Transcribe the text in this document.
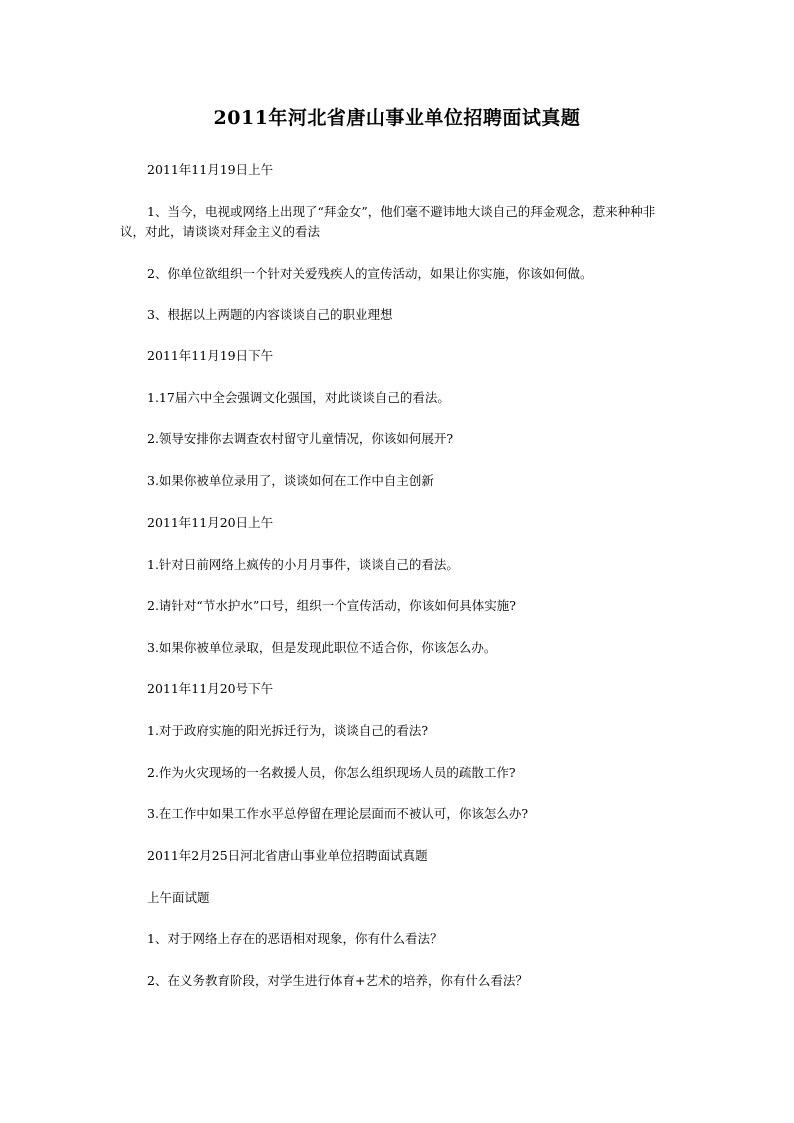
2011年河北省唐山事业单位招聘面试真题
2011年11月19日上午
1、当今，电视或网络上出现了“拜金女”，他们毫不避讳地大谈自己的拜金观念，惹来种种非议，对此，请谈谈对拜金主义的看法
2、你单位欲组织一个针对关爱残疾人的宣传活动，如果让你实施，你该如何做。
3、根据以上两题的内容谈谈自己的职业理想
2011年11月19日下午
1.17届六中全会强调文化强国，对此谈谈自己的看法。
2.领导安排你去调查农村留守儿童情况，你该如何展开?
3.如果你被单位录用了，谈谈如何在工作中自主创新
2011年11月20日上午
1.针对日前网络上疯传的小月月事件，谈谈自己的看法。
2.请针对“节水护水”口号，组织一个宣传活动，你该如何具体实施?
3.如果你被单位录取，但是发现此职位不适合你，你该怎么办。
2011年11月20号下午
1.对于政府实施的阳光拆迁行为，谈谈自己的看法?
2.作为火灾现场的一名救援人员，你怎么组织现场人员的疏散工作?
3.在工作中如果工作水平总停留在理论层面而不被认可，你该怎么办?
2011年2月25日河北省唐山事业单位招聘面试真题
上午面试题
1、对于网络上存在的恶语相对现象，你有什么看法？
2、在义务教育阶段，对学生进行体育+艺术的培养，你有什么看法？
